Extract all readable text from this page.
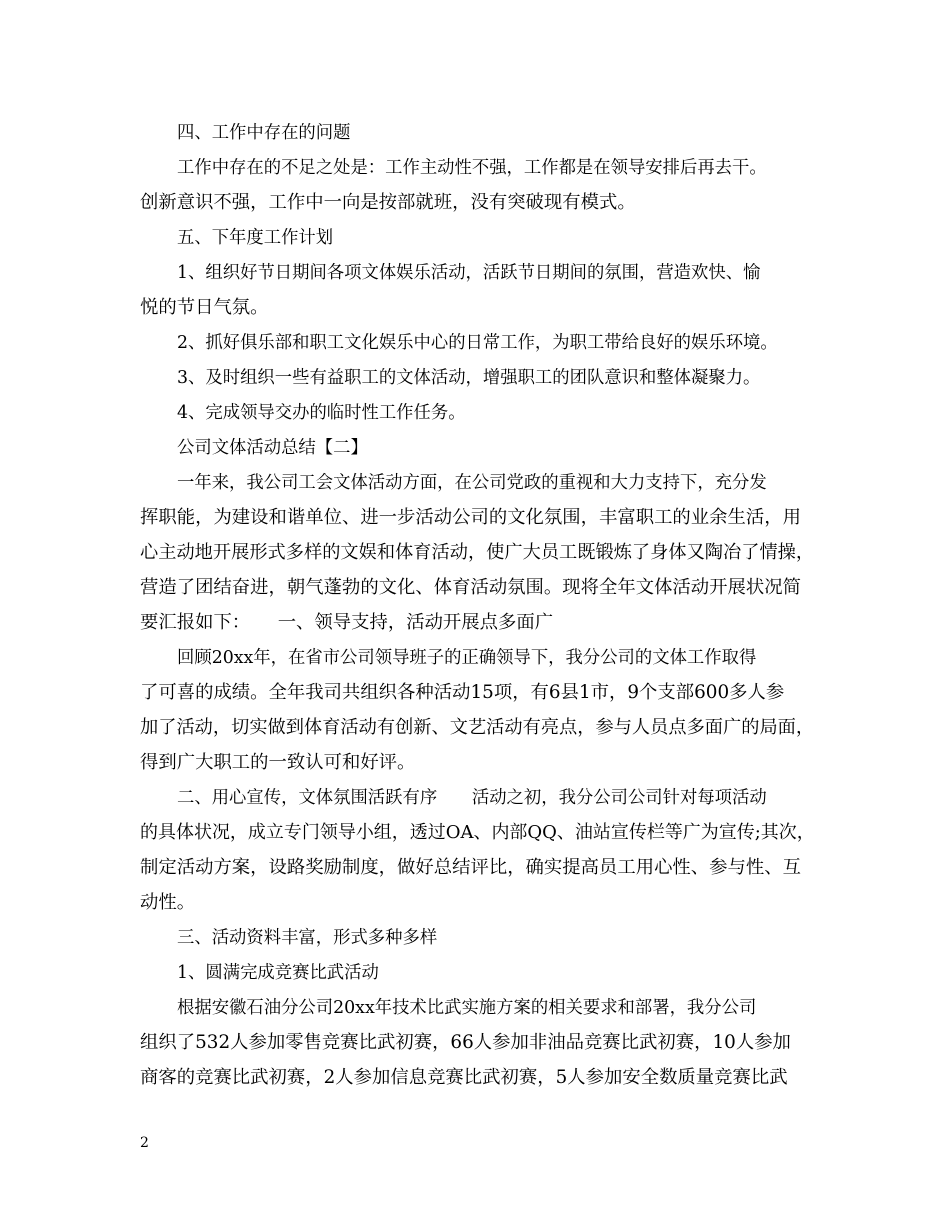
四、工作中存在的问题
工作中存在的不足之处是：工作主动性不强，工作都是在领导安排后再去干。
创新意识不强，工作中一向是按部就班，没有突破现有模式。
五、下年度工作计划
1、组织好节日期间各项文体娱乐活动，活跃节日期间的氛围，营造欢快、愉
悦的节日气氛。
2、抓好俱乐部和职工文化娱乐中心的日常工作，为职工带给良好的娱乐环境。
3、及时组织一些有益职工的文体活动，增强职工的团队意识和整体凝聚力。
4、完成领导交办的临时性工作任务。
公司文体活动总结【二】
一年来，我公司工会文体活动方面，在公司党政的重视和大力支持下，充分发
挥职能，为建设和谐单位、进一步活动公司的文化氛围，丰富职工的业余生活，用
心主动地开展形式多样的文娱和体育活动，使广大员工既锻炼了身体又陶冶了情操，
营造了团结奋进，朝气蓬勃的文化、体育活动氛围。现将全年文体活动开展状况简
要汇报如下：　　一、领导支持，活动开展点多面广
回顾20xx年，在省市公司领导班子的正确领导下，我分公司的文体工作取得
了可喜的成绩。全年我司共组织各种活动15项，有6县1市，9个支部600多人参
加了活动，切实做到体育活动有创新、文艺活动有亮点，参与人员点多面广的局面，
得到广大职工的一致认可和好评。
二、用心宣传，文体氛围活跃有序　　活动之初，我分公司公司针对每项活动
的具体状况，成立专门领导小组，透过OA、内部QQ、油站宣传栏等广为宣传;其次，
制定活动方案，设路奖励制度，做好总结评比，确实提高员工用心性、参与性、互
动性。
三、活动资料丰富，形式多种多样
1、圆满完成竞赛比武活动
根据安徽石油分公司20xx年技术比武实施方案的相关要求和部署，我分公司
组织了532人参加零售竞赛比武初赛，66人参加非油品竞赛比武初赛，10人参加
商客的竞赛比武初赛，2人参加信息竞赛比武初赛，5人参加安全数质量竞赛比武
2
